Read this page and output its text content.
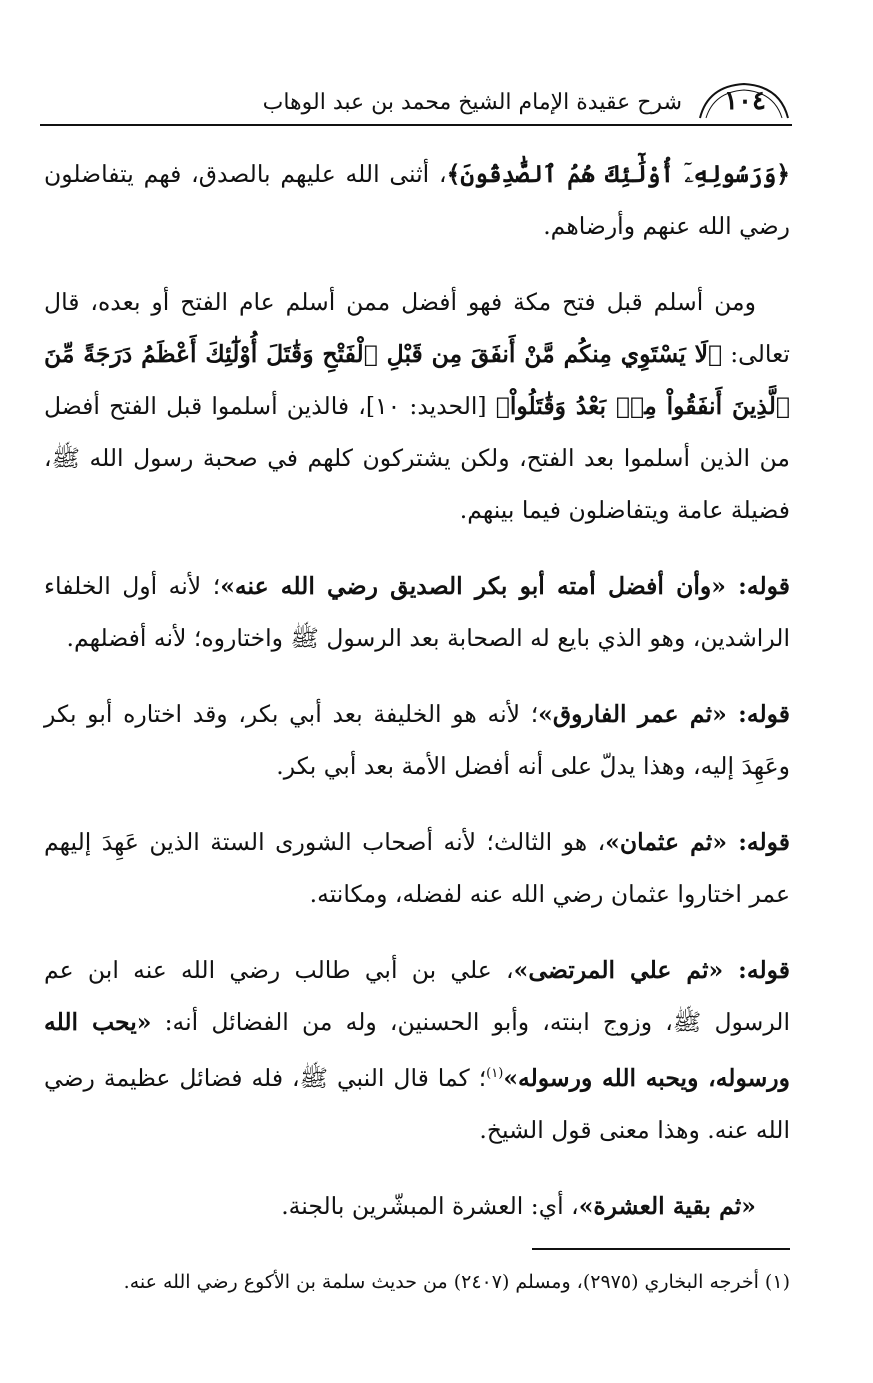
١٠٤
شرح عقيدة الإمام الشيخ محمد بن عبد الوهاب

﴿وَرَسُولِهِۦٓ أُوْلَٰٓئِكَ هُمُ ٱلصَّٰدِقُونَ﴾، أثنى الله عليهم بالصدق، فهم يتفاضلون رضي الله عنهم وأرضاهم.

ومن أسلم قبل فتح مكة فهو أفضل ممن أسلم عام الفتح أو بعده، قال تعالى: ﴿لَا يَسْتَوِي مِنكُم مَّنْ أَنفَقَ مِن قَبْلِ ٱلْفَتْحِ وَقَٰتَلَ أُوْلَٰٓئِكَ أَعْظَمُ دَرَجَةً مِّنَ ٱلَّذِينَ أَنفَقُواْ مِنۢ بَعْدُ وَقَٰتَلُواْ﴾ [الحديد: ١٠]، فالذين أسلموا قبل الفتح أفضل من الذين أسلموا بعد الفتح، ولكن يشتركون كلهم في صحبة رسول الله ﷺ، فضيلة عامة ويتفاضلون فيما بينهم.

قوله: «وأن أفضل أمته أبو بكر الصديق رضي الله عنه»؛ لأنه أول الخلفاء الراشدين، وهو الذي بايع له الصحابة بعد الرسول ﷺ واختاروه؛ لأنه أفضلهم.

قوله: «ثم عمر الفاروق»؛ لأنه هو الخليفة بعد أبي بكر، وقد اختاره أبو بكر وعَهِدَ إليه، وهذا يدلّ على أنه أفضل الأمة بعد أبي بكر.

قوله: «ثم عثمان»، هو الثالث؛ لأنه أصحاب الشورى الستة الذين عَهِدَ إليهم عمر اختاروا عثمان رضي الله عنه لفضله، ومكانته.

قوله: «ثم علي المرتضى»، علي بن أبي طالب رضي الله عنه ابن عم الرسول ﷺ، وزوج ابنته، وأبو الحسنين، وله من الفضائل أنه: «يحب الله ورسوله، ويحبه الله ورسوله»$^{(١)}$؛ كما قال النبي ﷺ، فله فضائل عظيمة رضي الله عنه. وهذا معنى قول الشيخ.

«ثم بقية العشرة»، أي: العشرة المبشّرين بالجنة.

(١) أخرجه البخاري (٢٩٧٥)، ومسلم (٢٤٠٧) من حديث سلمة بن الأكوع رضي الله عنه.
